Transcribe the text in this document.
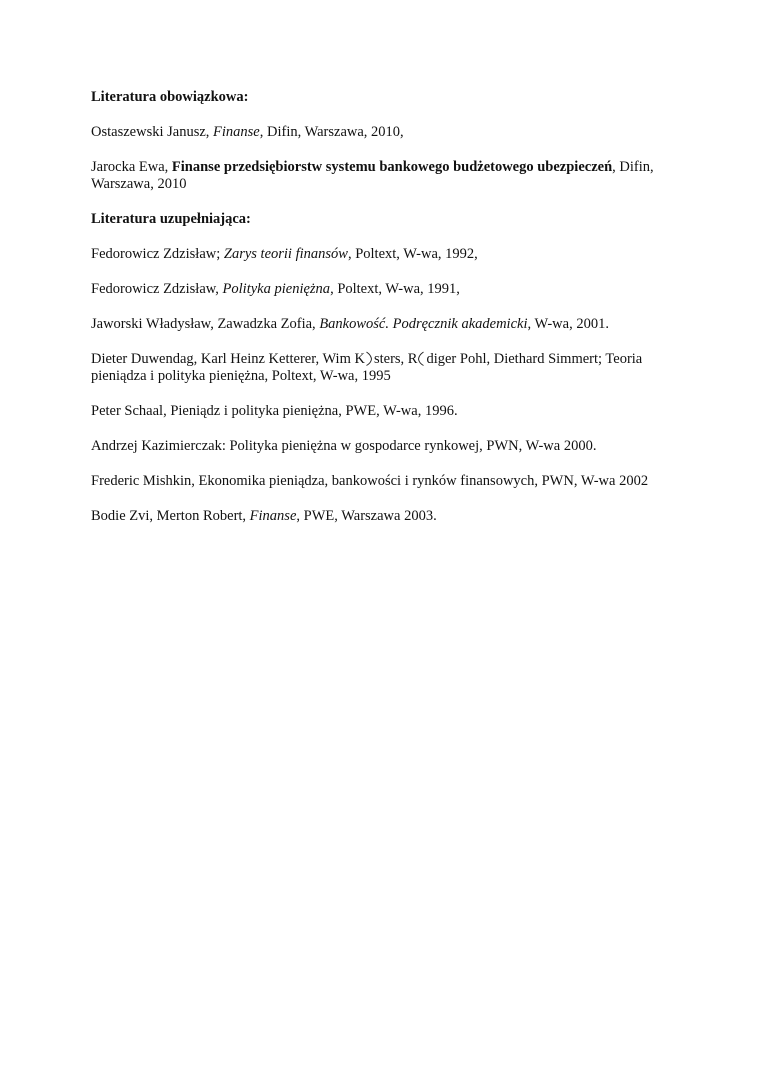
Literatura obowiązkowa:

Ostaszewski Janusz, Finanse, Difin, Warszawa, 2010,

Jarocka Ewa, Finanse przedsiębiorstw systemu bankowego budżetowego ubezpieczeń, Difin, Warszawa, 2010

Literatura uzupełniająca:

Fedorowicz Zdzisław; Zarys teorii finansów, Poltext, W-wa, 1992,

Fedorowicz Zdzisław, Polityka pieniężna, Poltext, W-wa, 1991,

Jaworski Władysław, Zawadzka Zofia, Bankowość. Podręcznik akademicki, W-wa, 2001.

Dieter Duwendag, Karl Heinz Ketterer, Wim K sters, R diger Pohl, Diethard Simmert; Teoria pieniądza i polityka pieniężna, Poltext, W-wa, 1995

Peter Schaal, Pieniądz i polityka pieniężna, PWE, W-wa, 1996.

Andrzej Kazimierczak: Polityka pieniężna w gospodarce rynkowej, PWN, W-wa 2000.

Frederic Mishkin, Ekonomika pieniądza, bankowości i rynków finansowych, PWN, W-wa 2002

Bodie Zvi, Merton Robert, Finanse, PWE, Warszawa 2003.
